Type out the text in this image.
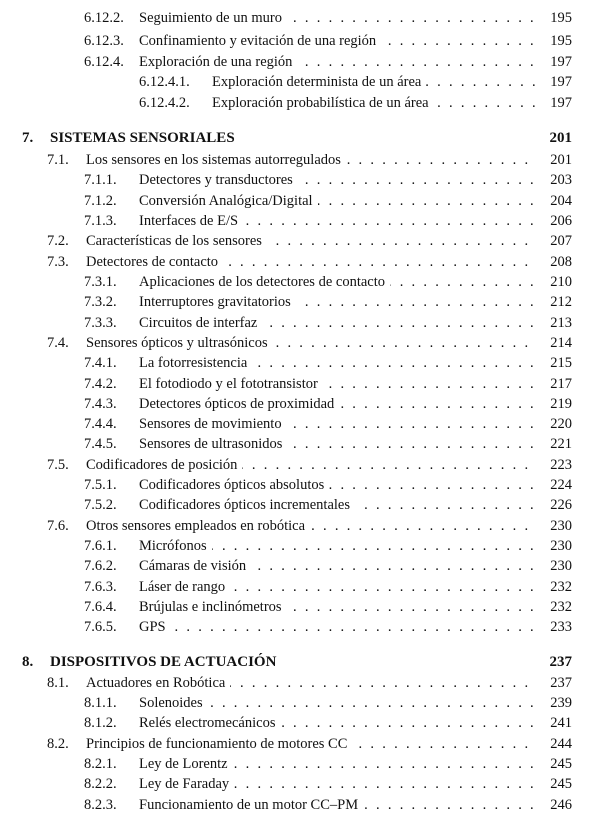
6.12.2. Seguimiento de un muro . . .	195
6.12.3. Confinamiento y evitación de una región . . .	195
6.12.4. Exploración de una región . . .	197
6.12.4.1. Exploración determinista de un área . . .	197
6.12.4.2. Exploración probabilística de un área . . .	197
7. SISTEMAS SENSORIALES	201
7.1. Los sensores en los sistemas autorregulados . . .	201
7.1.1. Detectores y transductores . . .	203
7.1.2. Conversión Analógica/Digital . . .	204
7.1.3. Interfaces de E/S . . .	206
7.2. Características de los sensores . . .	207
7.3. Detectores de contacto . . .	208
7.3.1. Aplicaciones de los detectores de contacto . . .	210
7.3.2. Interruptores gravitatorios . . .	212
7.3.3. Circuitos de interfaz . . .	213
7.4. Sensores ópticos y ultrasónicos . . .	214
7.4.1. La fotorresistencia . . .	215
7.4.2. El fotodiodo y el fototransistor . . .	217
7.4.3. Detectores ópticos de proximidad . . .	219
7.4.4. Sensores de movimiento . . .	220
7.4.5. Sensores de ultrasonidos . . .	221
7.5. Codificadores de posición . . .	223
7.5.1. Codificadores ópticos absolutos . . .	224
7.5.2. Codificadores ópticos incrementales . . .	226
7.6. Otros sensores empleados en robótica . . .	230
7.6.1. Micrófonos . . .	230
7.6.2. Cámaras de visión . . .	230
7.6.3. Láser de rango . . .	232
7.6.4. Brújulas e inclinómetros . . .	232
7.6.5. GPS . . .	233
8. DISPOSITIVOS DE ACTUACIÓN	237
8.1. Actuadores en Robótica . . .	237
8.1.1. Solenoides . . .	239
8.1.2. Relés electromecánicos . . .	241
8.2. Principios de funcionamiento de motores CC . . .	244
8.2.1. Ley de Lorentz . . .	245
8.2.2. Ley de Faraday . . .	245
8.2.3. Funcionamiento de un motor CC–PM . . .	246
